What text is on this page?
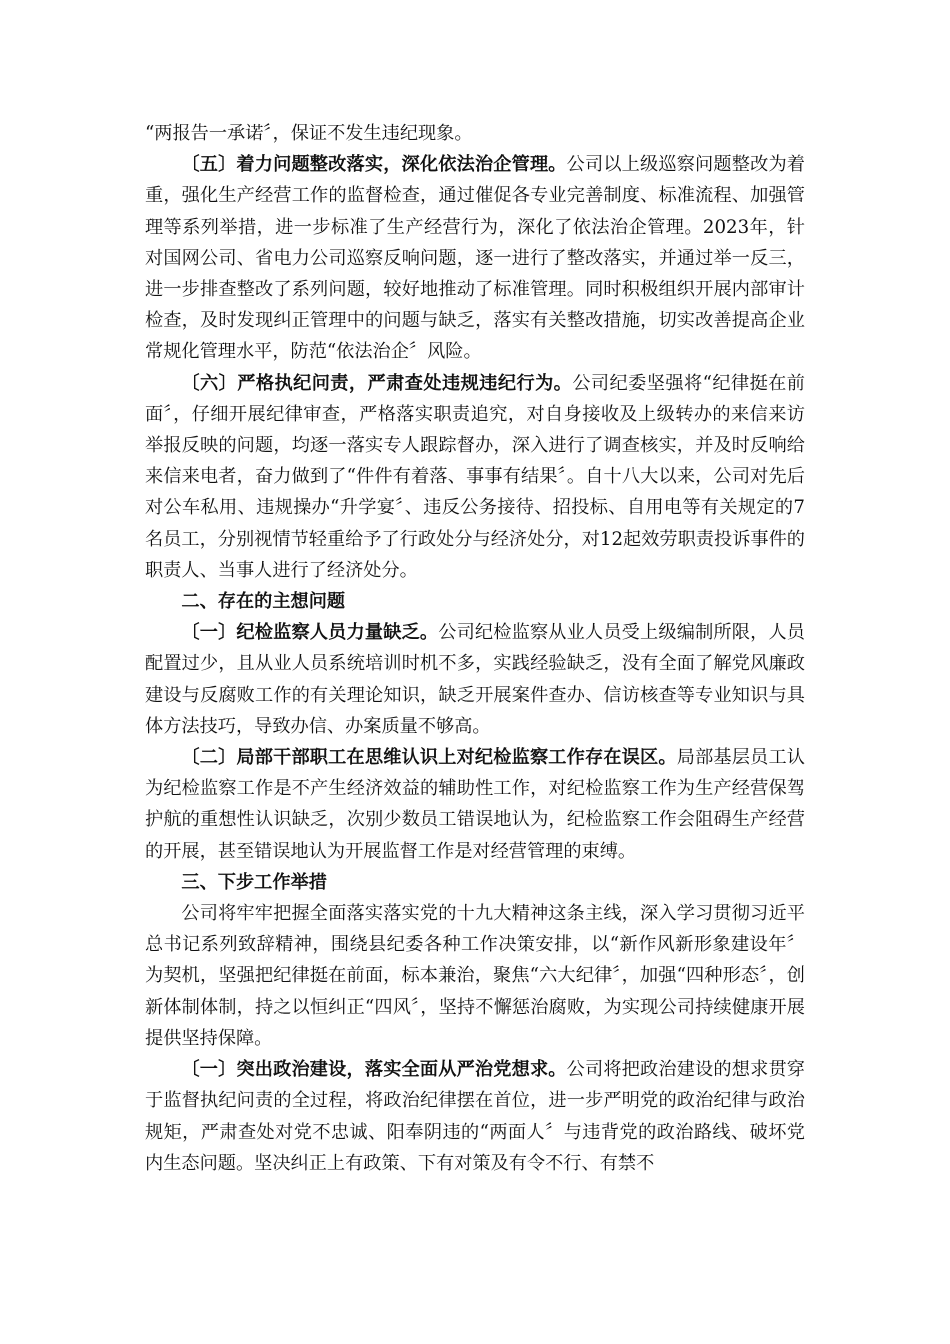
“两报告一承诺〞，保证不发生违纪现象。

〔五〕着力问题整改落实，深化依法治企管理。公司以上级巡察问题整改为着重，强化生产经营工作的监督检查，通过催促各专业完善制度、标准流程、加强管理等系列举措，进一步标准了生产经营行为，深化了依法治企管理。2023年，针对国网公司、省电力公司巡察反响问题，逐一进行了整改落实，并通过举一反三，进一步排查整改了系列问题，较好地推动了标准管理。同时积极组织开展内部审计检查，及时发现纠正管理中的问题与缺乏，落实有关整改措施，切实改善提高企业常规化管理水平，防范“依法治企〞风险。

〔六〕严格执纪问责，严肃查处违规违纪行为。公司纪委坚强将“纪律挺在前面〞，仔细开展纪律审查，严格落实职责追究，对自身接收及上级转办的来信来访举报反映的问题，均逐一落实专人跟踪督办，深入进行了调查核实，并及时反响给来信来电者，奋力做到了“件件有着落、事事有结果〞。自十八大以来，公司对先后对公车私用、违规操办“升学宴〞、违反公务接待、招投标、自用电等有关规定的7名员工，分别视情节轻重给予了行政处分与经济处分，对12起效劳职责投诉事件的职责人、当事人进行了经济处分。

二、存在的主想问题

〔一〕纪检监察人员力量缺乏。公司纪检监察从业人员受上级编制所限，人员配置过少，且从业人员系统培训时机不多，实践经验缺乏，没有全面了解党风廉政建设与反腐败工作的有关理论知识，缺乏开展案件查办、信访核查等专业知识与具体方法技巧，导致办信、办案质量不够高。

〔二〕局部干部职工在思维认识上对纪检监察工作存在误区。局部基层员工认为纪检监察工作是不产生经济效益的辅助性工作，对纪检监察工作为生产经营保驾护航的重想性认识缺乏，次别少数员工错误地认为，纪检监察工作会阻碍生产经营的开展，甚至错误地认为开展监督工作是对经营管理的束缚。

三、下步工作举措

公司将牢牢把握全面落实落实党的十九大精神这条主线，深入学习贯彻习近平总书记系列致辞精神，围绕县纪委各种工作决策安排，以“新作风新形象建设年〞为契机，坚强把纪律挺在前面，标本兼治，聚焦“六大纪律〞，加强“四种形态〞，创新体制体制，持之以恒纠正“四风〞，坚持不懈惩治腐败，为实现公司持续健康开展提供坚持保障。

〔一〕突出政治建设，落实全面从严治党想求。公司将把政治建设的想求贯穿于监督执纪问责的全过程，将政治纪律摆在首位，进一步严明党的政治纪律与政治规矩，严肃查处对党不忠诚、阳奉阴违的“两面人〞与违背党的政治路线、破坏党内生态问题。坚决纠正上有政策、下有对策及有令不行、有禁不
